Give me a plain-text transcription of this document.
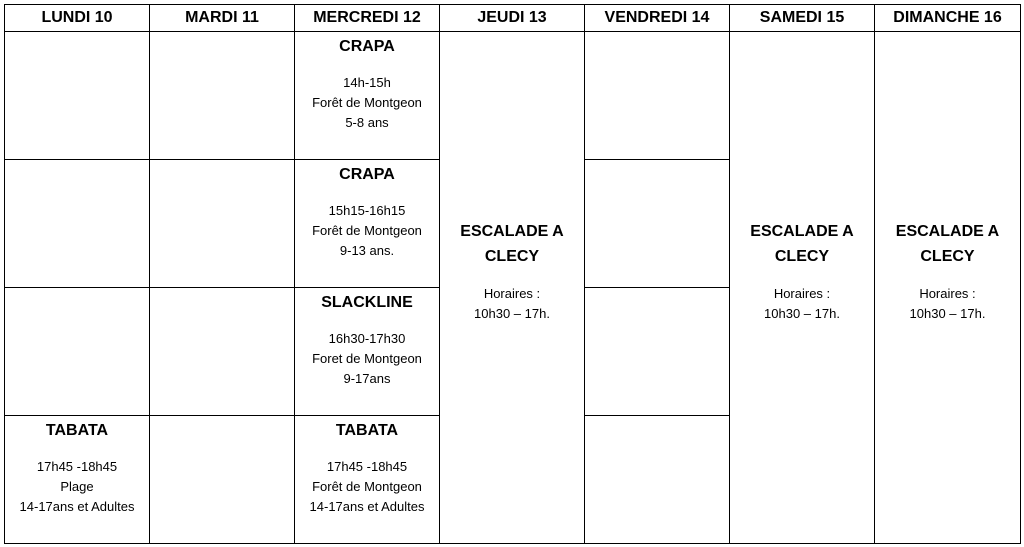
LUNDI 10	MARDI 11	MERCREDI 12	JEUDI 13	VENDREDI 14	SAMEDI 15	DIMANCHE 16

		CRAPA
14h-15h
Forêt de Montgeon
5-8 ans	ESCALADE A
CLECY
Horaires :
10h30 – 17h.		ESCALADE A
CLECY
Horaires :
10h30 – 17h.	ESCALADE A
CLECY
Horaires :
10h30 – 17h.

		CRAPA
15h15-16h15
Forêt de Montgeon
9-13 ans.				

		SLACKLINE
16h30-17h30
Foret de Montgeon
9-17ans				

TABATA
17h45 -18h45
Plage
14-17ans et Adultes		TABATA
17h45 -18h45
Forêt de Montgeon
14-17ans et Adultes				
